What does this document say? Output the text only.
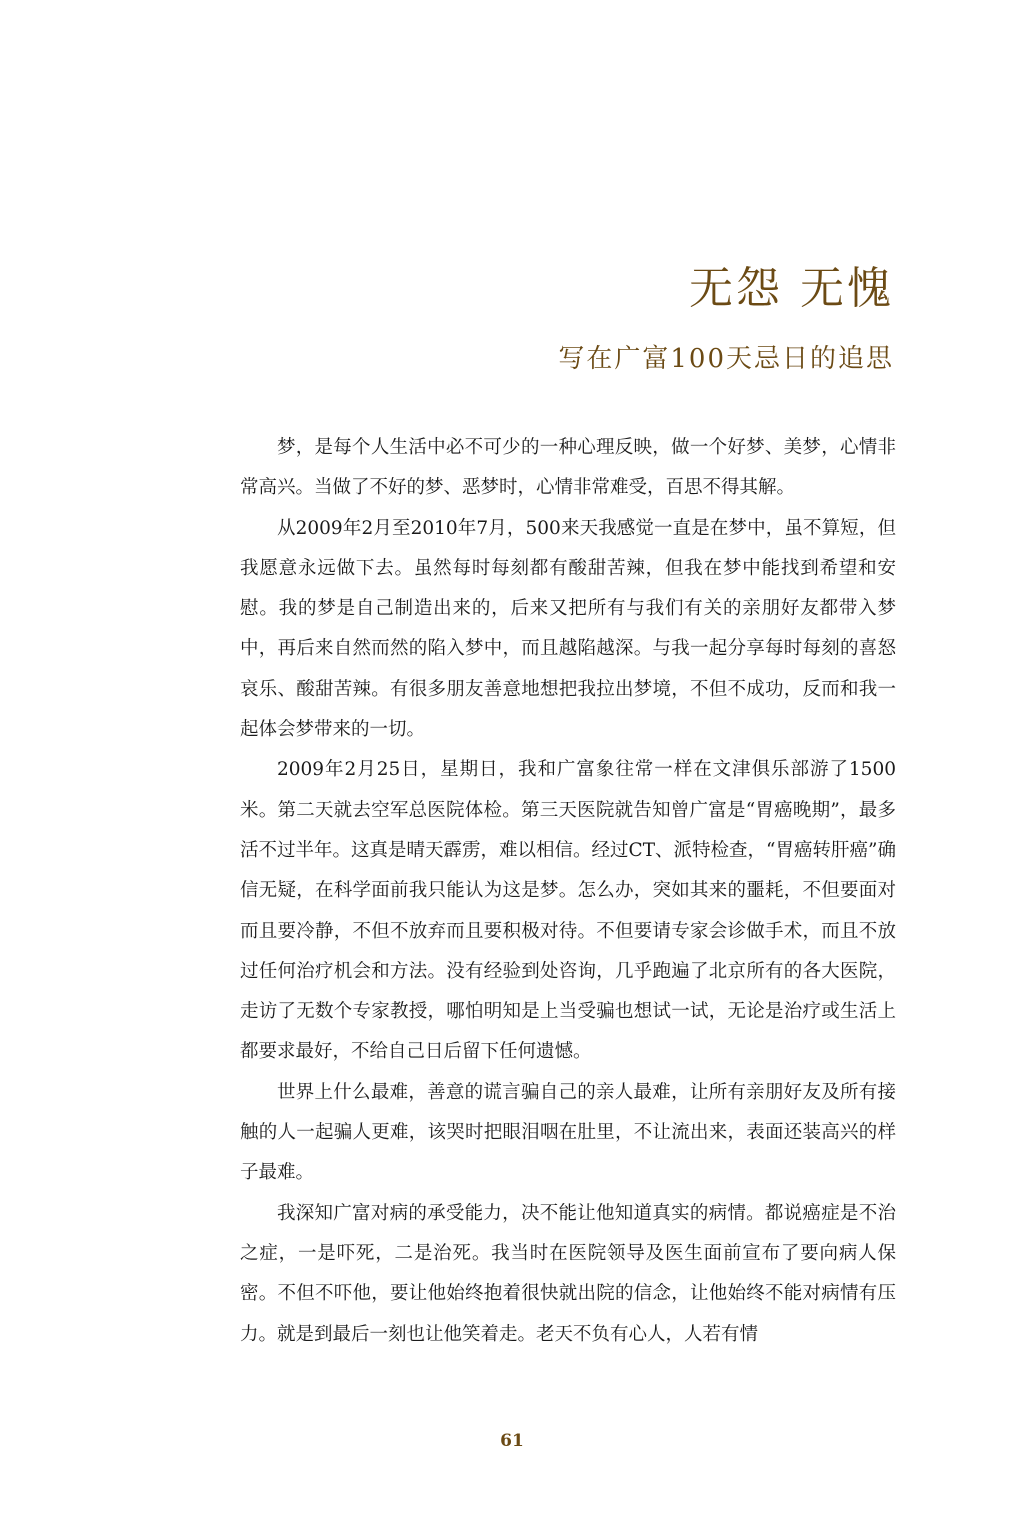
无怨 无愧
写在广富100天忌日的追思

梦，是每个人生活中必不可少的一种心理反映，做一个好梦、美梦，心情非常高兴。当做了不好的梦、恶梦时，心情非常难受，百思不得其解。

从2009年2月至2010年7月，500来天我感觉一直是在梦中，虽不算短，但我愿意永远做下去。虽然每时每刻都有酸甜苦辣，但我在梦中能找到希望和安慰。我的梦是自己制造出来的，后来又把所有与我们有关的亲朋好友都带入梦中，再后来自然而然的陷入梦中，而且越陷越深。与我一起分享每时每刻的喜怒哀乐、酸甜苦辣。有很多朋友善意地想把我拉出梦境，不但不成功，反而和我一起体会梦带来的一切。

2009年2月25日，星期日，我和广富象往常一样在文津俱乐部游了1500米。第二天就去空军总医院体检。第三天医院就告知曾广富是“胃癌晚期”，最多活不过半年。这真是晴天霹雳，难以相信。经过CT、派特检查，“胃癌转肝癌”确信无疑，在科学面前我只能认为这是梦。怎么办，突如其来的噩耗，不但要面对而且要冷静，不但不放弃而且要积极对待。不但要请专家会诊做手术，而且不放过任何治疗机会和方法。没有经验到处咨询，几乎跑遍了北京所有的各大医院，走访了无数个专家教授，哪怕明知是上当受骗也想试一试，无论是治疗或生活上都要求最好，不给自己日后留下任何遗憾。

世界上什么最难，善意的谎言骗自己的亲人最难，让所有亲朋好友及所有接触的人一起骗人更难，该哭时把眼泪咽在肚里，不让流出来，表面还装高兴的样子最难。

我深知广富对病的承受能力，决不能让他知道真实的病情。都说癌症是不治之症，一是吓死，二是治死。我当时在医院领导及医生面前宣布了要向病人保密。不但不吓他，要让他始终抱着很快就出院的信念，让他始终不能对病情有压力。就是到最后一刻也让他笑着走。老天不负有心人，人若有情

61
